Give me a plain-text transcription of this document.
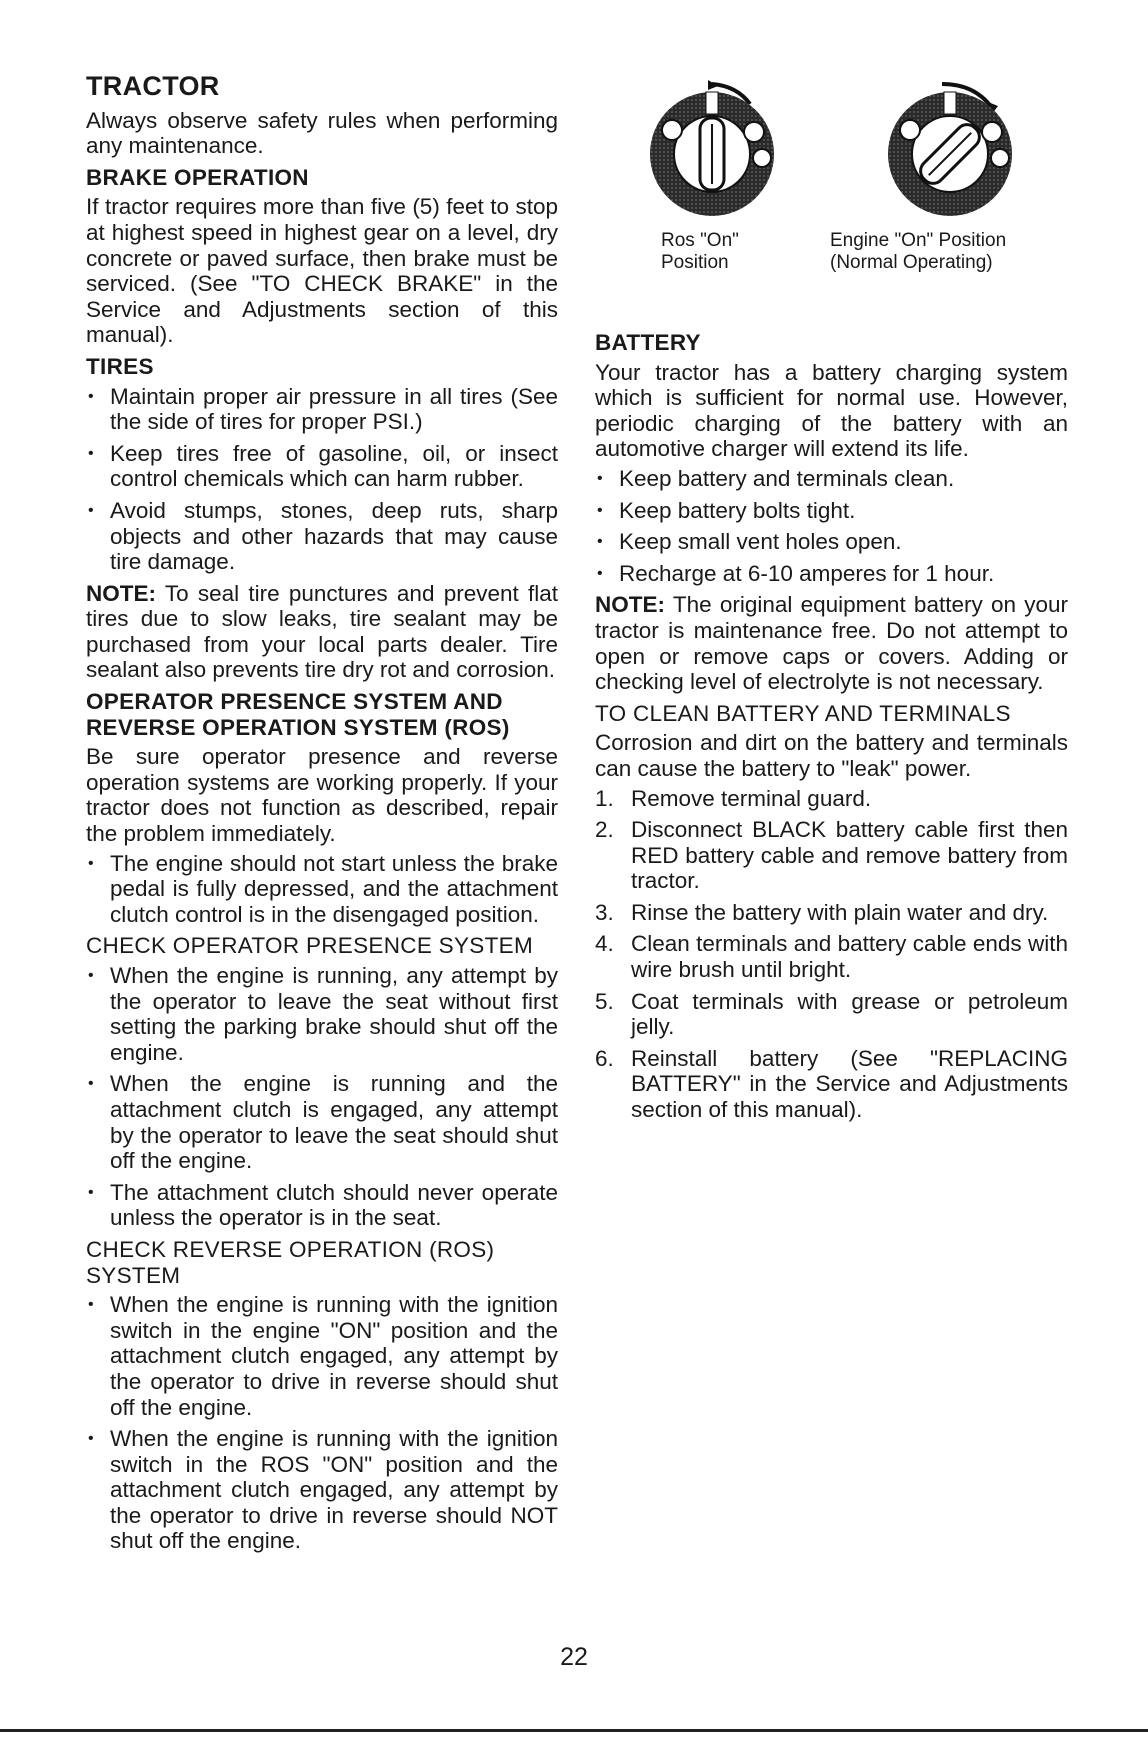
TRACTOR

Always observe safety rules when performing any maintenance.

BRAKE OPERATION

If tractor requires more than five (5) feet to stop at highest speed in highest gear on a level, dry concrete or paved surface, then brake must be serviced. (See "TO CHECK BRAKE" in the Service and Adjustments section of this manual).

TIRES
• Maintain proper air pressure in all tires (See the side of tires for proper PSI.)
• Keep tires free of gasoline, oil, or insect control chemicals which can harm rubber.
• Avoid stumps, stones, deep ruts, sharp objects and other hazards that may cause tire damage.

NOTE: To seal tire punctures and prevent flat tires due to slow leaks, tire sealant may be purchased from your local parts dealer. Tire sealant also prevents tire dry rot and corrosion.

OPERATOR PRESENCE SYSTEM AND REVERSE OPERATION SYSTEM (ROS)

Be sure operator presence and reverse operation systems are working properly. If your tractor does not function as described, repair the problem immediately.

• The engine should not start unless the brake pedal is fully depressed, and the attachment clutch control is in the disengaged position.
CHECK OPERATOR PRESENCE SYSTEM
• When the engine is running, any attempt by the operator to leave the seat without first setting the parking brake should shut off the engine.
• When the engine is running and the attachment clutch is engaged, any attempt by the operator to leave the seat should shut off the engine.
• The attachment clutch should never operate unless the operator is in the seat.
CHECK REVERSE OPERATION (ROS) SYSTEM
• When the engine is running with the ignition switch in the engine "ON" position and the attachment clutch engaged, any attempt by the operator to drive in reverse should shut off the engine.
• When the engine is running with the ignition switch in the ROS "ON" position and the attachment clutch engaged, any attempt by the operator to drive in reverse should NOT shut off the engine.
Ros "On"
Position
Engine "On" Position
(Normal Operating)
BATTERY

Your tractor has a battery charging system which is sufficient for normal use. However, periodic charging of the battery with an automotive charger will extend its life.

• Keep battery and terminals clean.
• Keep battery bolts tight.
• Keep small vent holes open.
• Recharge at 6-10 amperes for 1 hour.

NOTE: The original equipment battery on your tractor is maintenance free. Do not attempt to open or remove caps or covers. Adding or checking level of electrolyte is not necessary.

TO CLEAN BATTERY AND TERMINALS

Corrosion and dirt on the battery and terminals can cause the battery to "leak" power.

1. Remove terminal guard.
2. Disconnect BLACK battery cable first then RED battery cable and remove battery from tractor.
3. Rinse the battery with plain water and dry.
4. Clean terminals and battery cable ends with wire brush until bright.
5. Coat terminals with grease or petroleum jelly.
6. Reinstall battery (See "REPLACING BATTERY" in the Service and Adjustments section of this manual).
22
